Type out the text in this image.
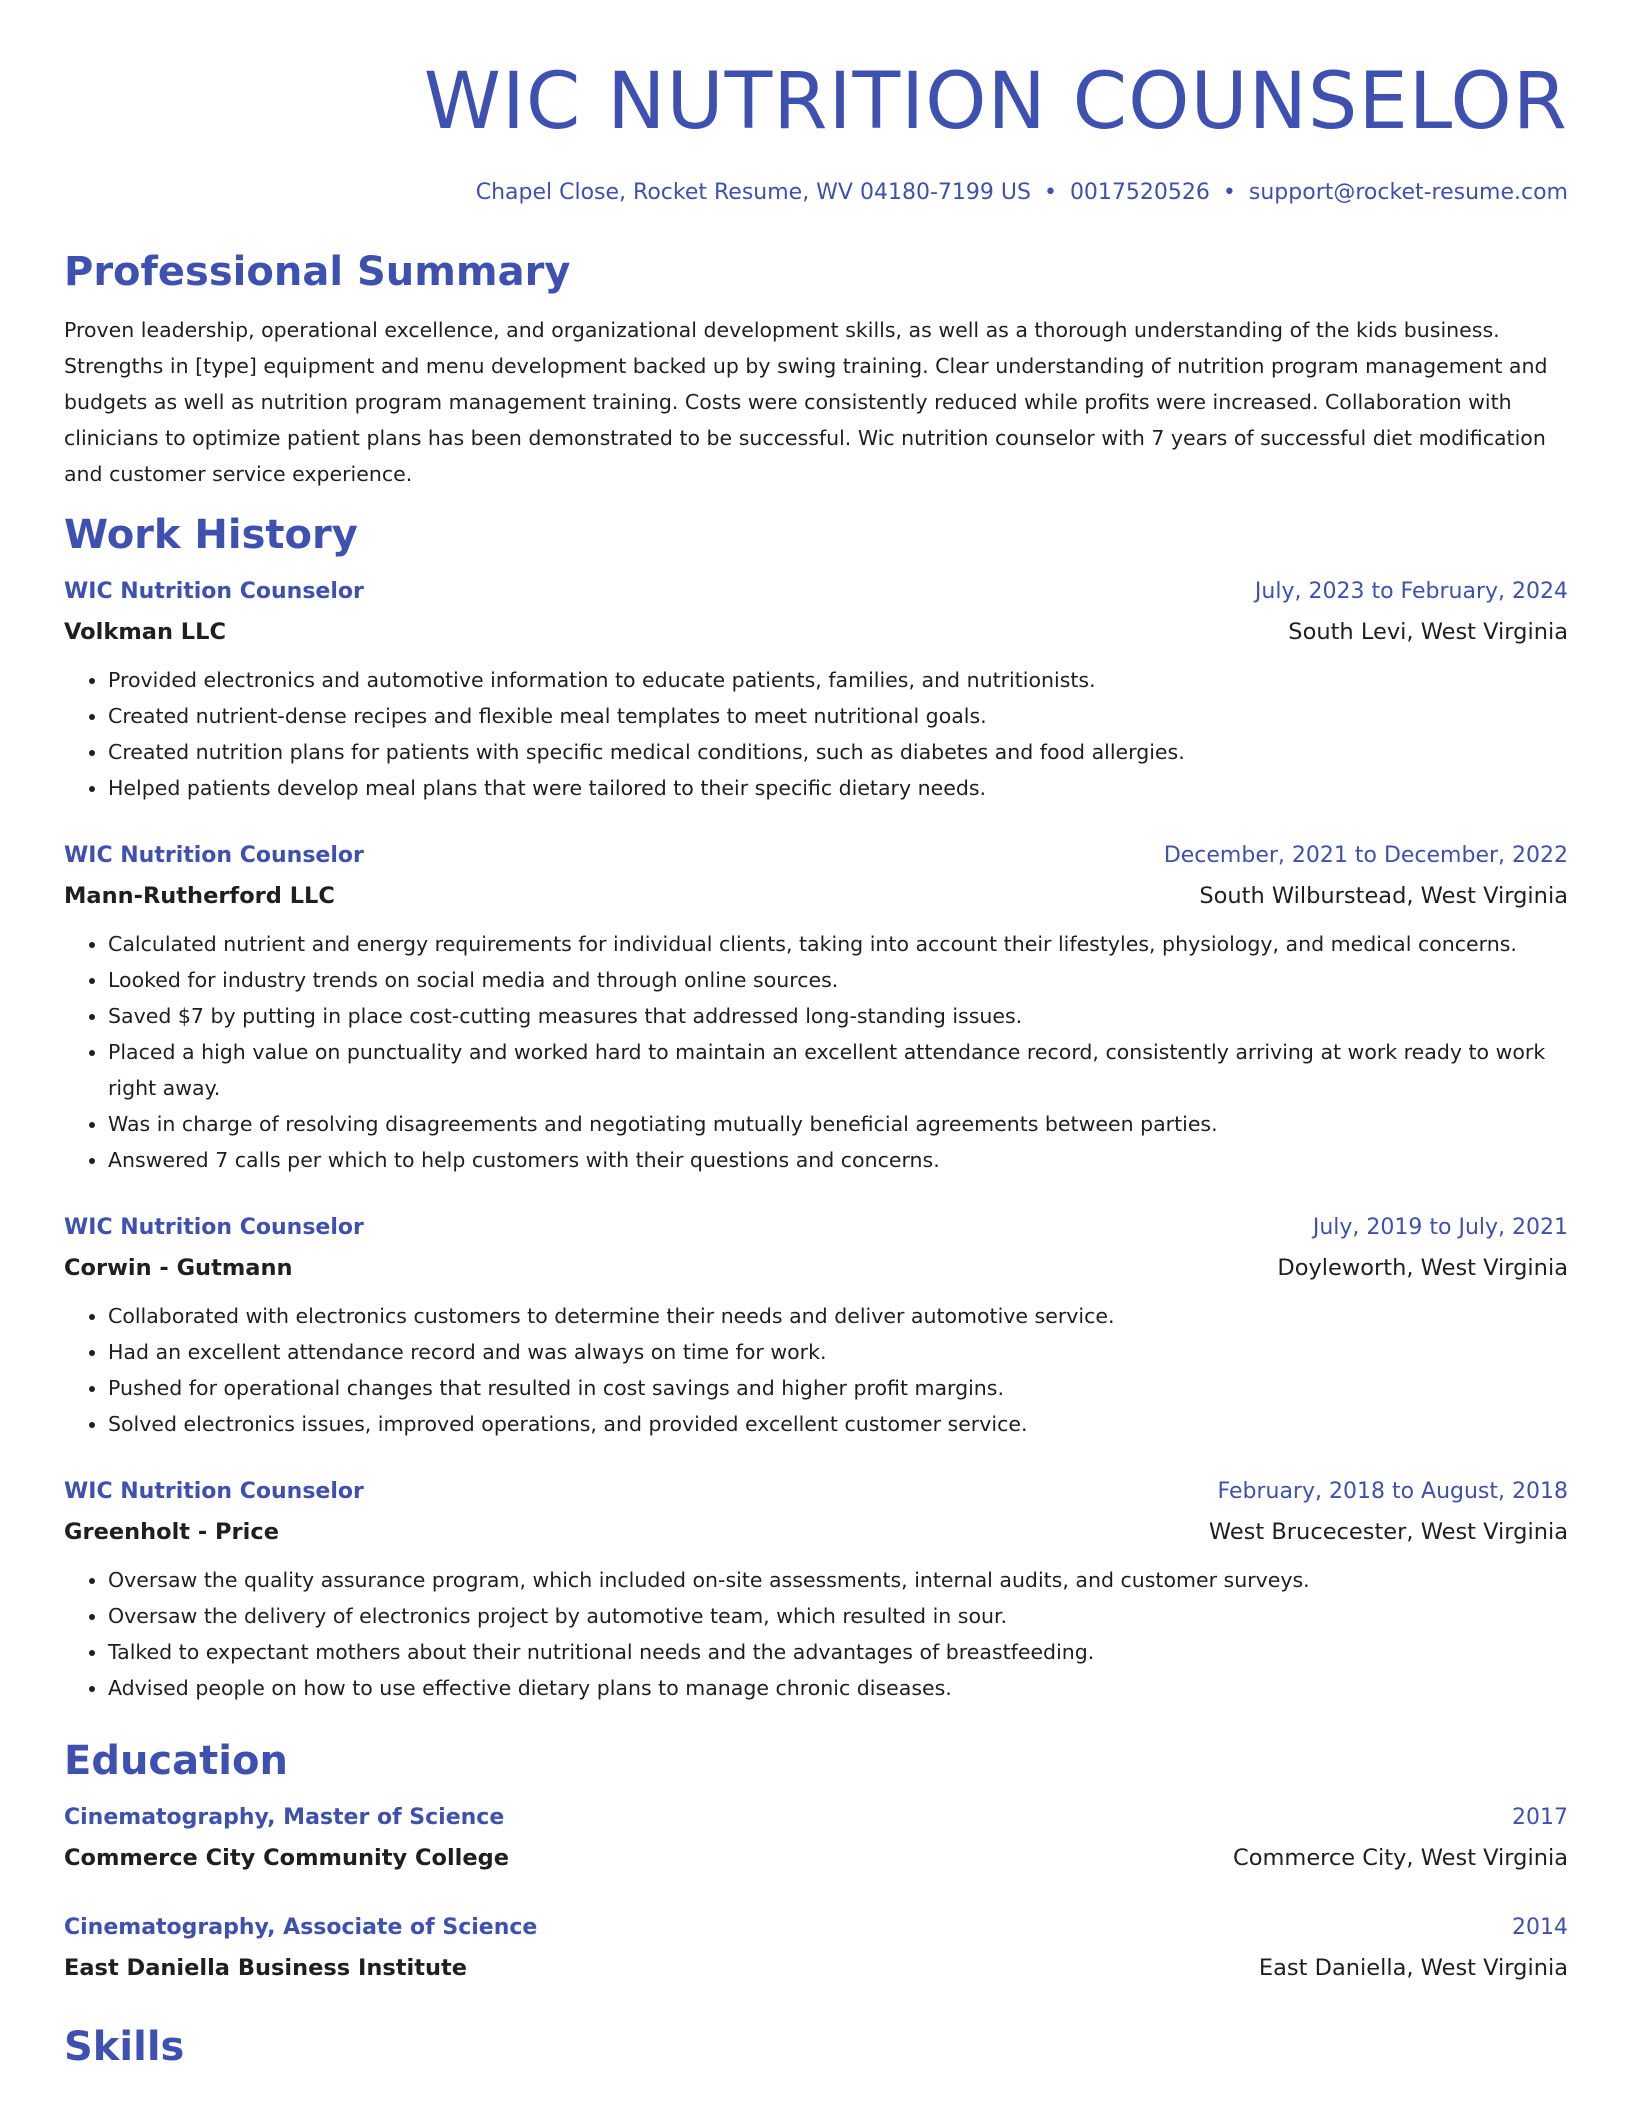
WIC NUTRITION COUNSELOR
Chapel Close, Rocket Resume, WV 04180-7199 US • 0017520526 • support@rocket-resume.com
Professional Summary

Proven leadership, operational excellence, and organizational development skills, as well as a thorough understanding of the kids business. Strengths in [type] equipment and menu development backed up by swing training. Clear understanding of nutrition program management and budgets as well as nutrition program management training. Costs were consistently reduced while profits were increased. Collaboration with clinicians to optimize patient plans has been demonstrated to be successful. Wic nutrition counselor with 7 years of successful diet modification and customer service experience.

Work History
WIC Nutrition Counselor	July, 2023 to February, 2024
Volkman LLC	South Levi, West Virginia
• Provided electronics and automotive information to educate patients, families, and nutritionists.
• Created nutrient-dense recipes and flexible meal templates to meet nutritional goals.
• Created nutrition plans for patients with specific medical conditions, such as diabetes and food allergies.
• Helped patients develop meal plans that were tailored to their specific dietary needs.
WIC Nutrition Counselor	December, 2021 to December, 2022
Mann-Rutherford LLC	South Wilburstead, West Virginia
• Calculated nutrient and energy requirements for individual clients, taking into account their lifestyles, physiology, and medical concerns.
• Looked for industry trends on social media and through online sources.
• Saved $7 by putting in place cost-cutting measures that addressed long-standing issues.
• Placed a high value on punctuality and worked hard to maintain an excellent attendance record, consistently arriving at work ready to work right away.
• Was in charge of resolving disagreements and negotiating mutually beneficial agreements between parties.
• Answered 7 calls per which to help customers with their questions and concerns.
WIC Nutrition Counselor	July, 2019 to July, 2021
Corwin - Gutmann	Doyleworth, West Virginia
• Collaborated with electronics customers to determine their needs and deliver automotive service.
• Had an excellent attendance record and was always on time for work.
• Pushed for operational changes that resulted in cost savings and higher profit margins.
• Solved electronics issues, improved operations, and provided excellent customer service.
WIC Nutrition Counselor	February, 2018 to August, 2018
Greenholt - Price	West Brucecester, West Virginia
• Oversaw the quality assurance program, which included on-site assessments, internal audits, and customer surveys.
• Oversaw the delivery of electronics project by automotive team, which resulted in sour.
• Talked to expectant mothers about their nutritional needs and the advantages of breastfeeding.
• Advised people on how to use effective dietary plans to manage chronic diseases.
Education
Cinematography, Master of Science	2017
Commerce City Community College	Commerce City, West Virginia
Cinematography, Associate of Science	2014
East Daniella Business Institute	East Daniella, West Virginia
Skills
